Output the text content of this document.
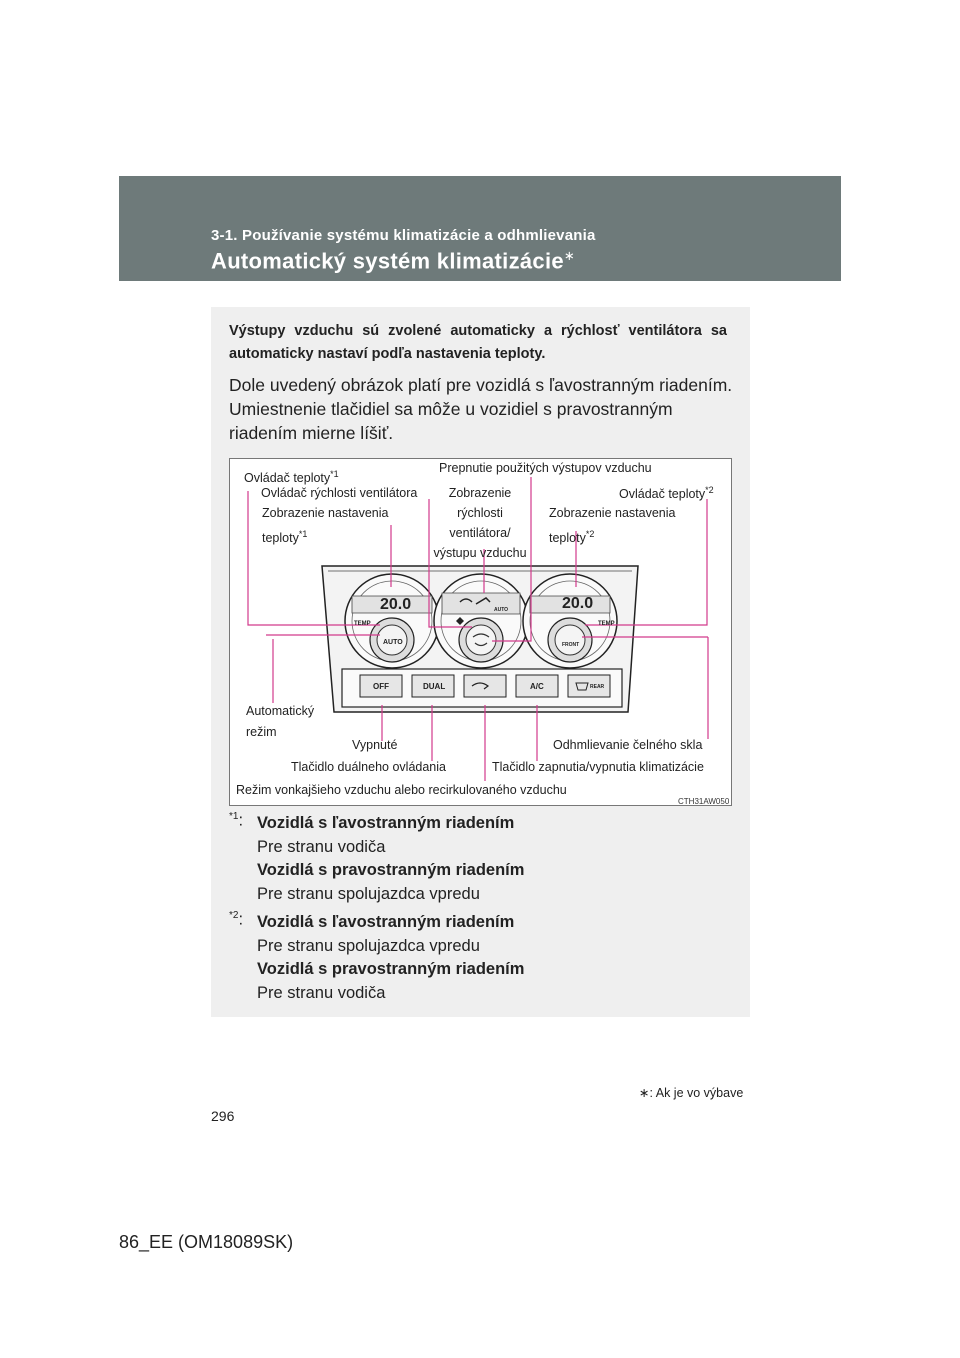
3-1. Používanie systému klimatizácie a odhmlievania
Automatický systém klimatizácie∗
Výstupy vzduchu sú zvolené automaticky a rýchlosť ventilátora sa automaticky nastaví podľa nastavenia teploty.
Dole uvedený obrázok platí pre vozidlá s ľavostranným riadením. Umiestnenie tlačidiel sa môže u vozidiel s pravostranným riadením mierne líšiť.
20.0	20.0
TEMP	TEMP
AUTO
AUTO
OFF	DUAL	A/C	REAR
FRONT
Ovládač teploty$^{*1}$
Ovládač rýchlosti ventilátora
Zobrazenie nastavenia teploty$^{*1}$
Prepnutie použitých výstupov vzduchu
Zobrazenie rýchlosti ventilátora/ výstupu vzduchu
Ovládač teploty$^{*2}$
Zobrazenie nastavenia teploty$^{*2}$
Automatický režim
Vypnuté
Tlačidlo duálneho ovládania
Odhmlievanie čelného skla
Tlačidlo zapnutia/vypnutia klimatizácie
Režim vonkajšieho vzduchu alebo recirkulovaného vzduchu
CTH31AW050
$^{*1}$: Vozidlá s ľavostranným riadením
Pre stranu vodiča
Vozidlá s pravostranným riadením
Pre stranu spolujazdca vpredu
$^{*2}$: Vozidlá s ľavostranným riadením
Pre stranu spolujazdca vpredu
Vozidlá s pravostranným riadením
Pre stranu vodiča
∗: Ak je vo výbave
296
86_EE (OM18089SK)
